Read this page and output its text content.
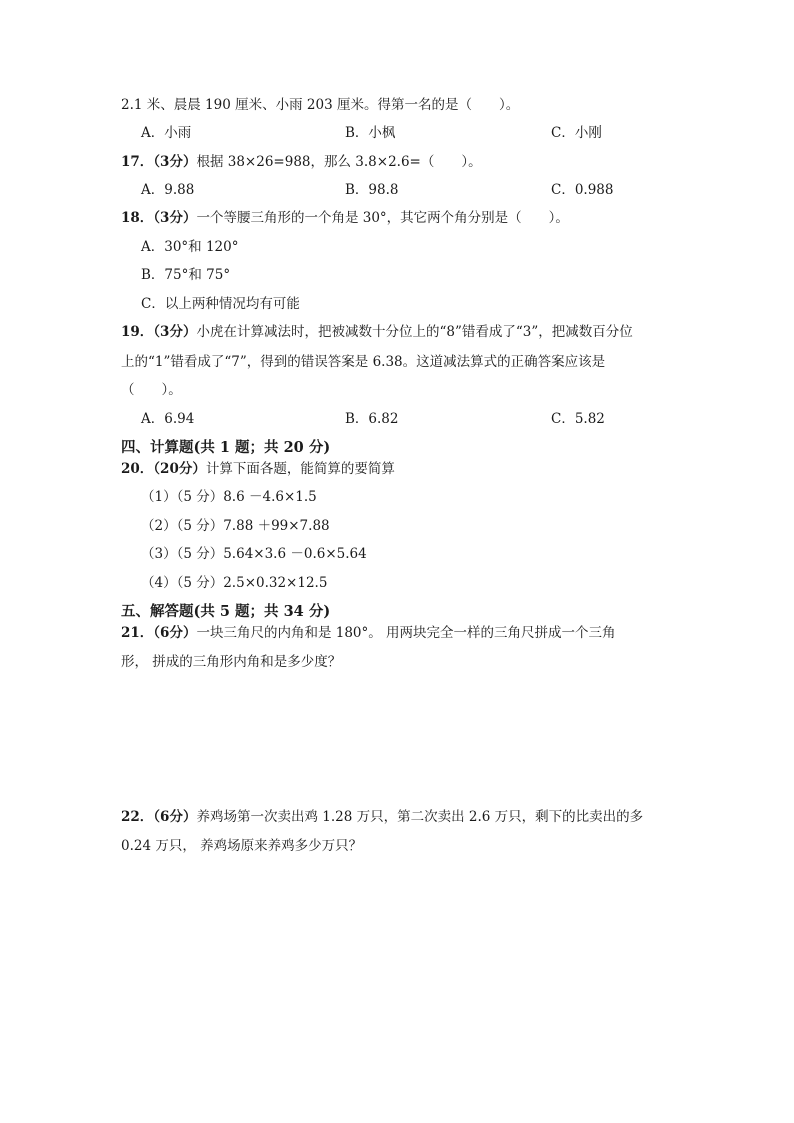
2.1 米、晨晨 190 厘米、小雨 203 厘米。得第一名的是（　　）。
A．小雨	B．小枫	C．小刚
17．（3分）根据 38×26=988，那么 3.8×2.6=（　　）。
A．9.88	B．98.8	C．0.988
18．（3分）一个等腰三角形的一个角是 30°，其它两个角分别是（　　）。
A．30°和 120°
B．75°和 75°
C．以上两种情况均有可能
19．（3分）小虎在计算减法时，把被减数十分位上的“8”错看成了“3”，把减数百分位
上的“1”错看成了“7”，得到的错误答案是 6.38。这道减法算式的正确答案应该是
（　　）。
A．6.94	B．6.82	C．5.82
四、计算题(共 1 题；共 20 分)
20．（20分）计算下面各题，能简算的要简算
（1）（5 分）8.6 －4.6×1.5
（2）（5 分）7.88 ＋99×7.88
（3）（5 分）5.64×3.6 －0.6×5.64
（4）（5 分）2.5×0.32×12.5
五、解答题(共 5 题；共 34 分)
21．（6分）一块三角尺的内角和是 180°。 用两块完全一样的三角尺拼成一个三角
形， 拼成的三角形内角和是多少度？
22．（6分）养鸡场第一次卖出鸡 1.28 万只，第二次卖出 2.6 万只，剩下的比卖出的多
0.24 万只， 养鸡场原来养鸡多少万只？
